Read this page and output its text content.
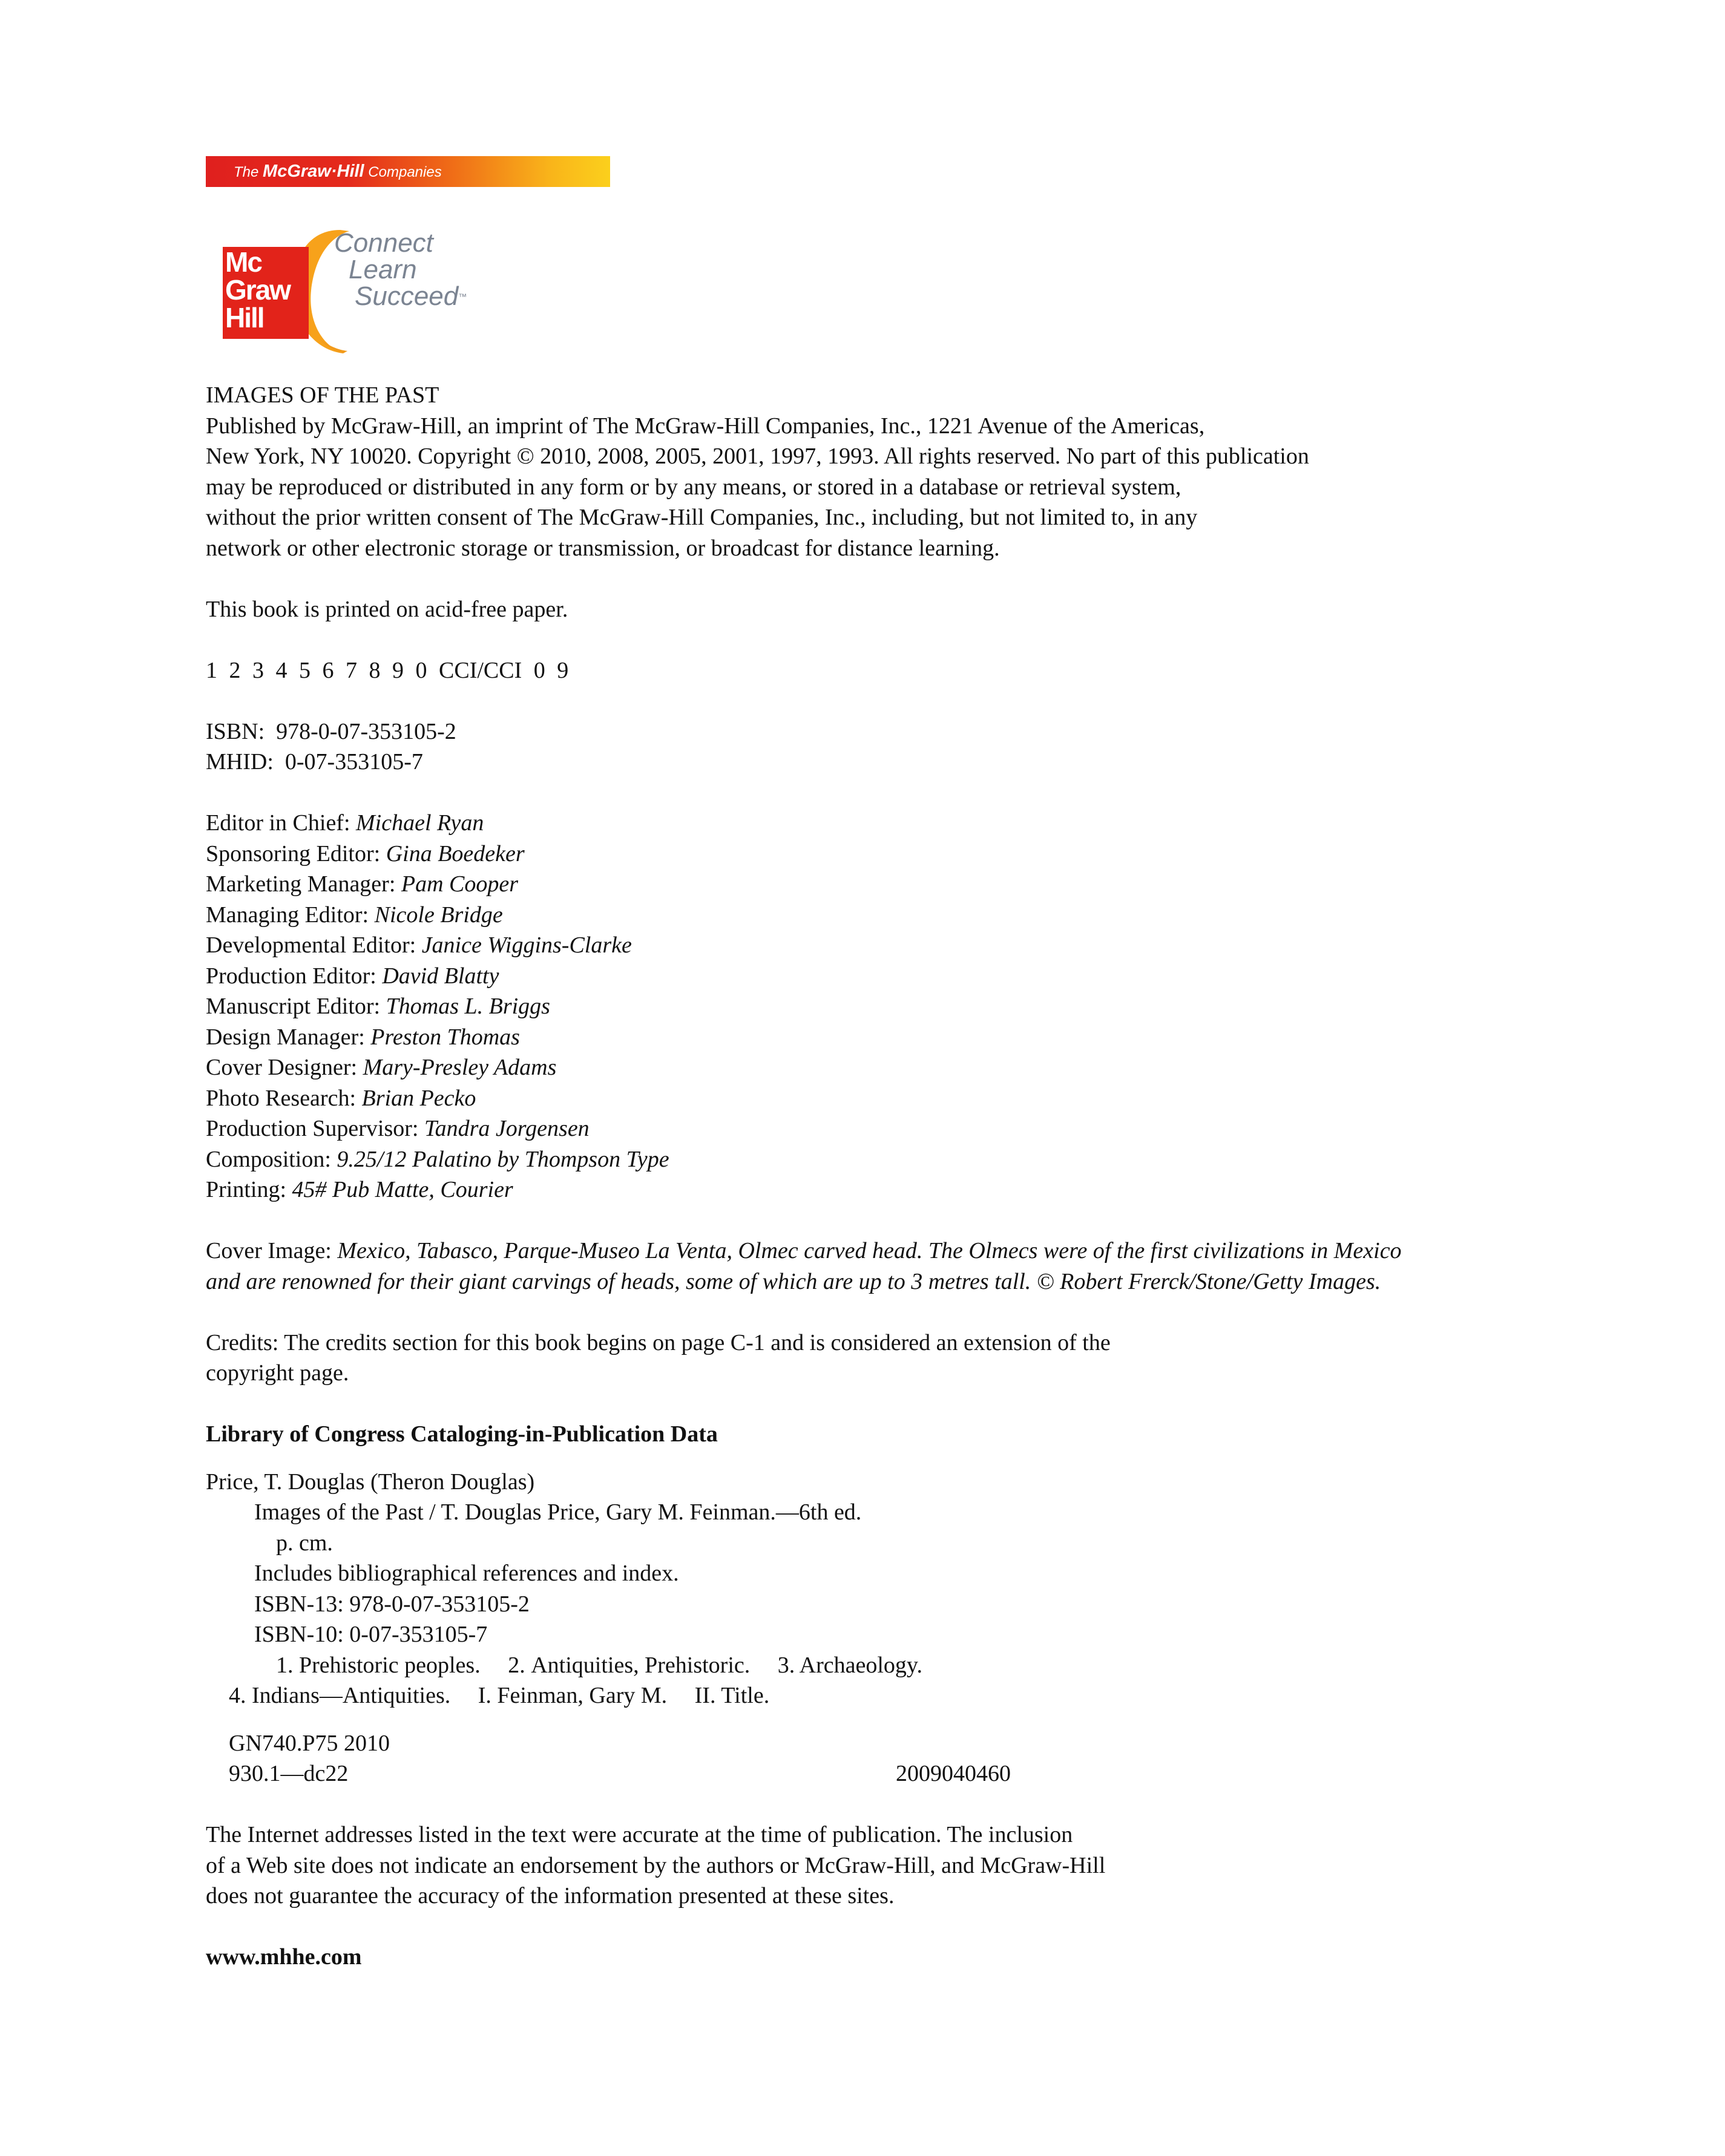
The McGraw·Hill Companies
Mc
Graw
Hill
Connect
Learn
Succeed™

IMAGES OF THE PAST

Published by McGraw-Hill, an imprint of The McGraw-Hill Companies, Inc., 1221 Avenue of the Americas,

New York, NY 10020. Copyright © 2010, 2008, 2005, 2001, 1997, 1993. All rights reserved. No part of this publication

may be reproduced or distributed in any form or by any means, or stored in a database or retrieval system,

without the prior written consent of The McGraw-Hill Companies, Inc., including, but not limited to, in any

network or other electronic storage or transmission, or broadcast for distance learning.

This book is printed on acid-free paper.

1 2 3 4 5 6 7 8 9 0 CCI/CCI 0 9

ISBN:  978-0-07-353105-2

MHID:  0-07-353105-7

Editor in Chief: Michael Ryan

Sponsoring Editor: Gina Boedeker

Marketing Manager: Pam Cooper

Managing Editor: Nicole Bridge

Developmental Editor: Janice Wiggins-Clarke

Production Editor: David Blatty

Manuscript Editor: Thomas L. Briggs

Design Manager: Preston Thomas

Cover Designer: Mary-Presley Adams

Photo Research: Brian Pecko

Production Supervisor: Tandra Jorgensen

Composition: 9.25/12 Palatino by Thompson Type

Printing: 45# Pub Matte, Courier

Cover Image: Mexico, Tabasco, Parque-Museo La Venta, Olmec carved head. The Olmecs were of the first civilizations in Mexico

and are renowned for their giant carvings of heads, some of which are up to 3 metres tall. © Robert Frerck/Stone/Getty Images.

Credits: The credits section for this book begins on page C-1 and is considered an extension of the

copyright page.

Library of Congress Cataloging-in-Publication Data

Price, T. Douglas (Theron Douglas)

Images of the Past / T. Douglas Price, Gary M. Feinman.—6th ed.

p. cm.

Includes bibliographical references and index.

ISBN-13: 978-0-07-353105-2

ISBN-10: 0-07-353105-7

1. Prehistoric peoples. 2. Antiquities, Prehistoric. 3. Archaeology.

4. Indians—Antiquities. I. Feinman, Gary M. II. Title.

GN740.P75 2010

930.1—dc22	2009040460

The Internet addresses listed in the text were accurate at the time of publication. The inclusion

of a Web site does not indicate an endorsement by the authors or McGraw-Hill, and McGraw-Hill

does not guarantee the accuracy of the information presented at these sites.

www.mhhe.com
